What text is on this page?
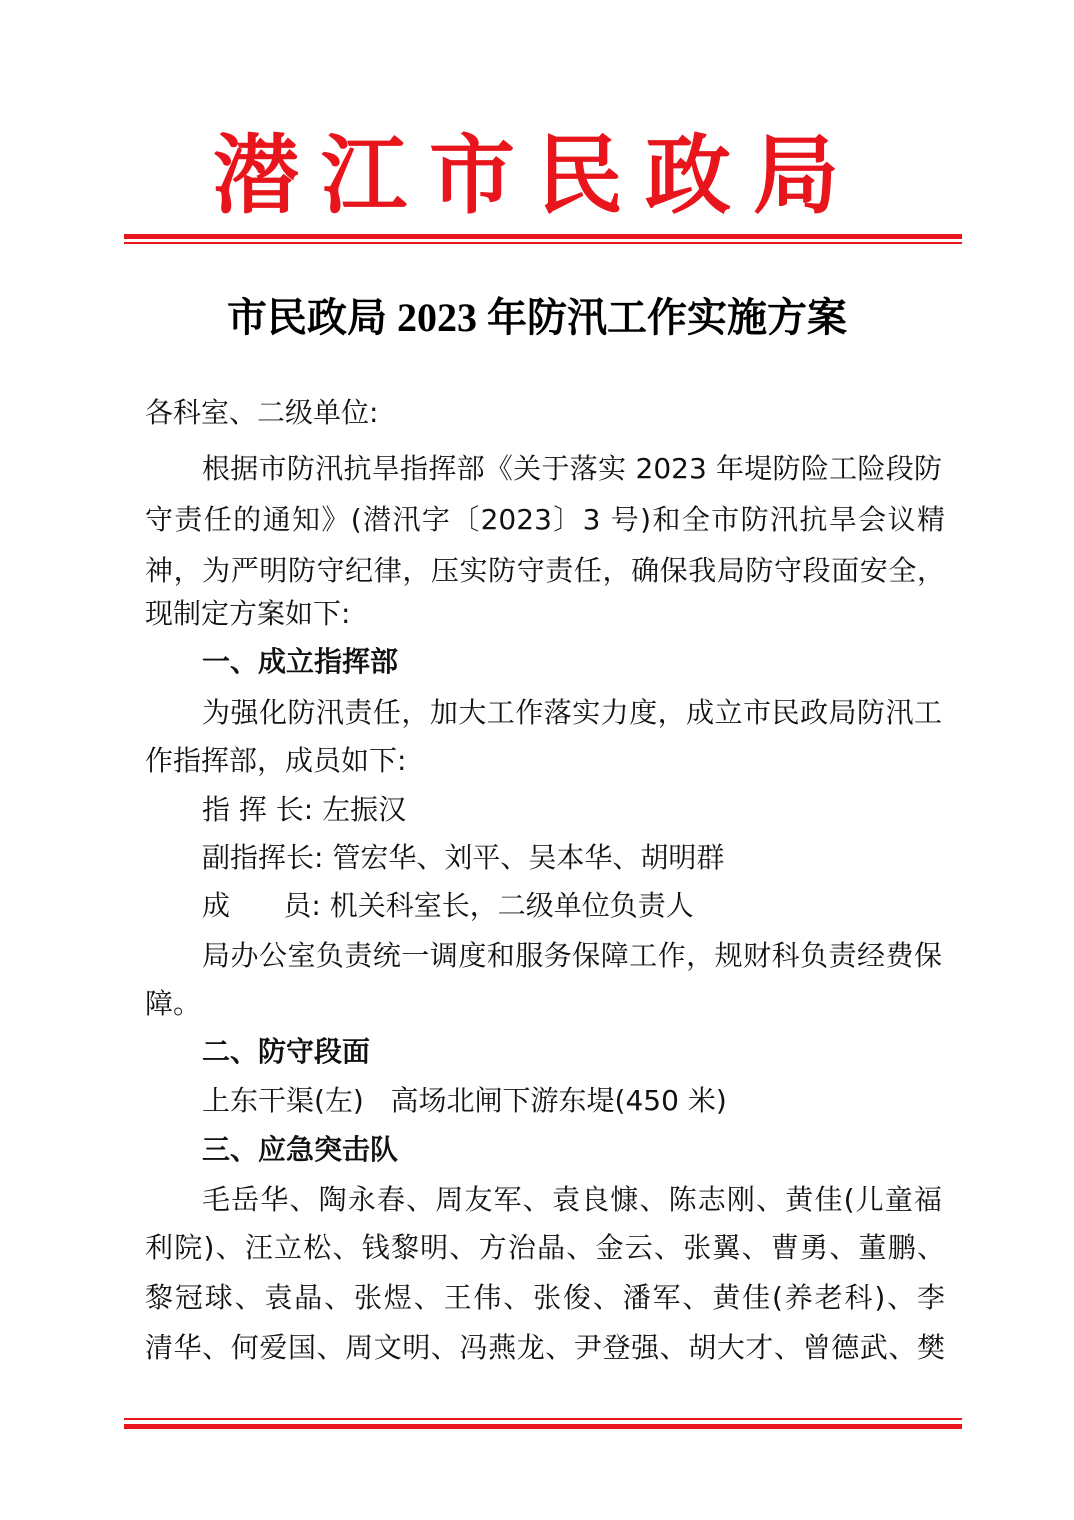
潜江市民政局
市民政局 2023 年防汛工作实施方案
各科室、二级单位:
根据市防汛抗旱指挥部《关于落实 2023 年堤防险工险段防
守责任的通知》(潜汛字〔2023〕3 号)和全市防汛抗旱会议精
神，为严明防守纪律，压实防守责任，确保我局防守段面安全，
现制定方案如下:
一、成立指挥部
为强化防汛责任，加大工作落实力度，成立市民政局防汛工
作指挥部，成员如下:
指 挥 长: 左振汉
副指挥长: 管宏华、刘平、吴本华、胡明群
成      员: 机关科室长，二级单位负责人
局办公室负责统一调度和服务保障工作，规财科负责经费保
障。
二、防守段面
上东干渠(左)   高场北闸下游东堤(450 米)
三、应急突击队
毛岳华、陶永春、周友军、袁良慷、陈志刚、黄佳(儿童福
利院)、汪立松、钱黎明、方治晶、金云、张翼、曹勇、董鹏、
黎冠球、袁晶、张煜、王伟、张俊、潘军、黄佳(养老科)、李
清华、何爱国、周文明、冯燕龙、尹登强、胡大才、曾德武、樊
